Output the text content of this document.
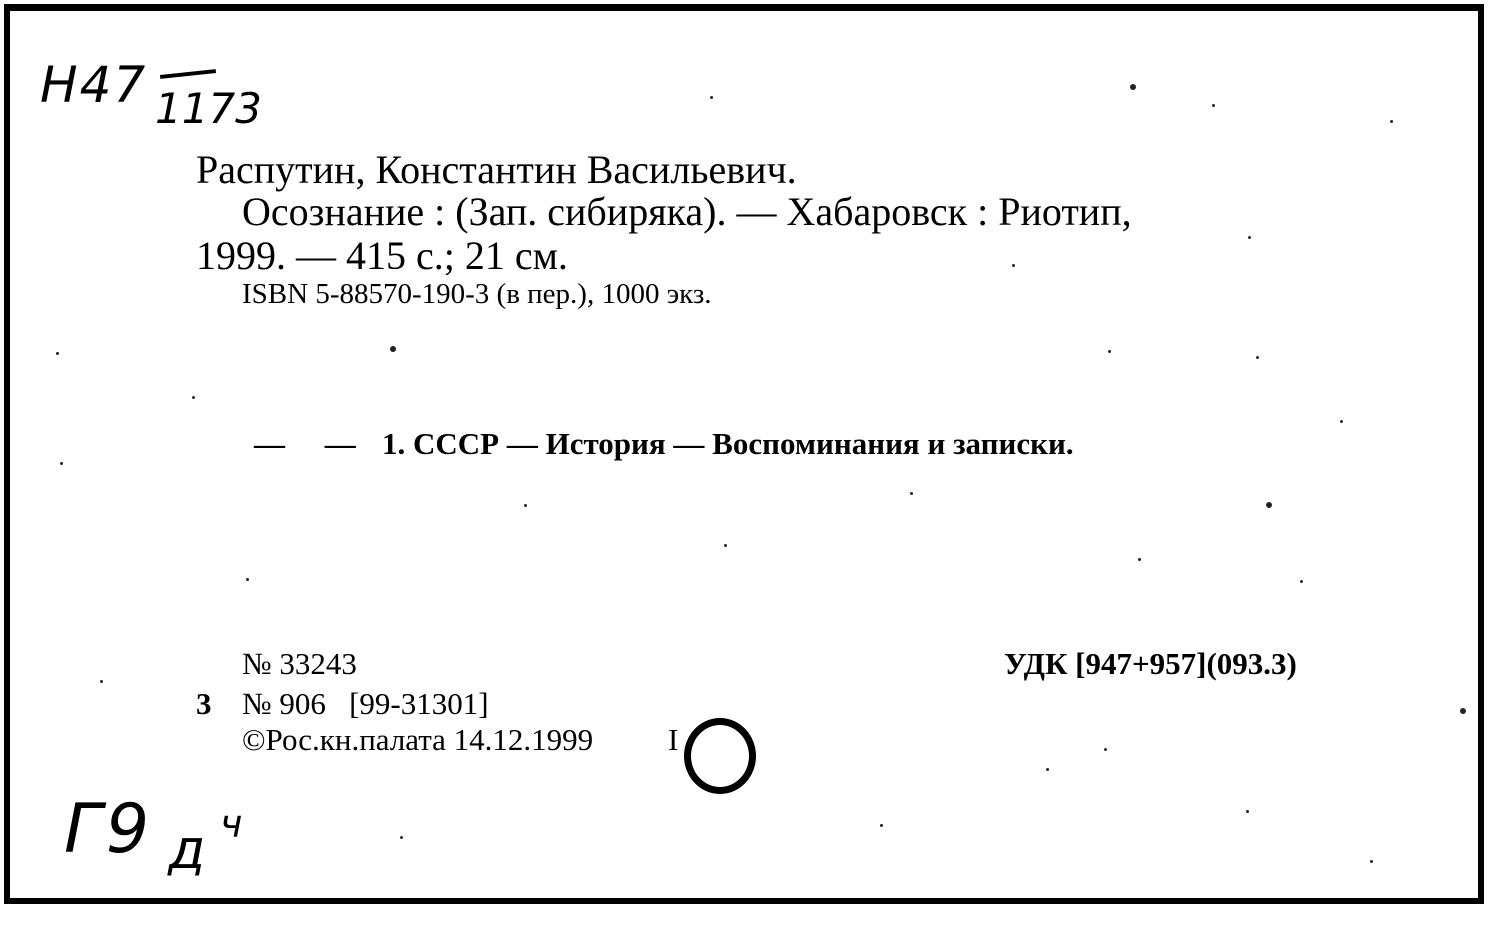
Н47 1173
Г9 д ч
Распутин, Константин Васильевич.
Осознание : (Зап. сибиряка). — Хабаровск : Риотип,
1999. — 415 с.; 21 см.
ISBN 5-88570-190-3 (в пер.), 1000 экз.
— — 1. СССР — История — Воспоминания и записки.
№ 33243	УДК [947+957](093.3)
3 № 906   [99-31301]
©Рос.кн.палата 14.12.1999 I
